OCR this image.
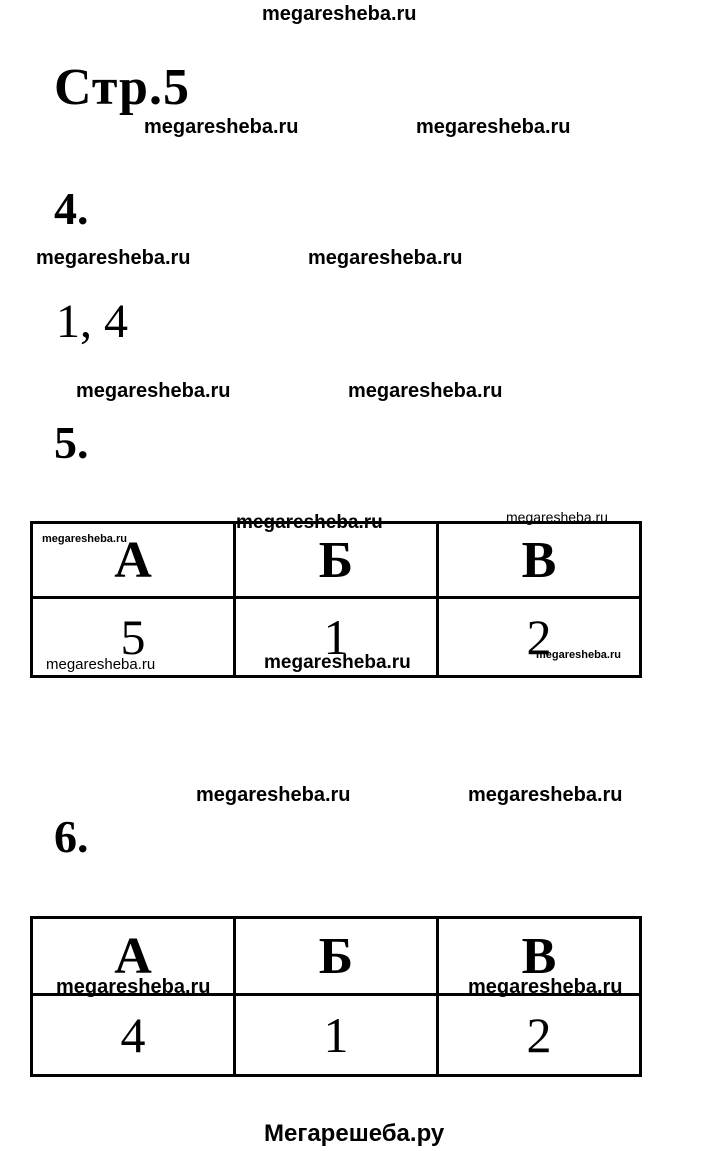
megaresheba.ru
Стр.5
megaresheba.ru	megaresheba.ru
4.
megaresheba.ru	megaresheba.ru
1, 4
megaresheba.ru	megaresheba.ru
5.
А	Б	В
5	1	2
megaresheba.ru	megaresheba.ru
megaresheba.ru
megaresheba.ru	megaresheba.ru	megaresheba.ru
megaresheba.ru	megaresheba.ru
6.
А	Б	В
4	1	2
megaresheba.ru	megaresheba.ru
Мегарешеба.ру
